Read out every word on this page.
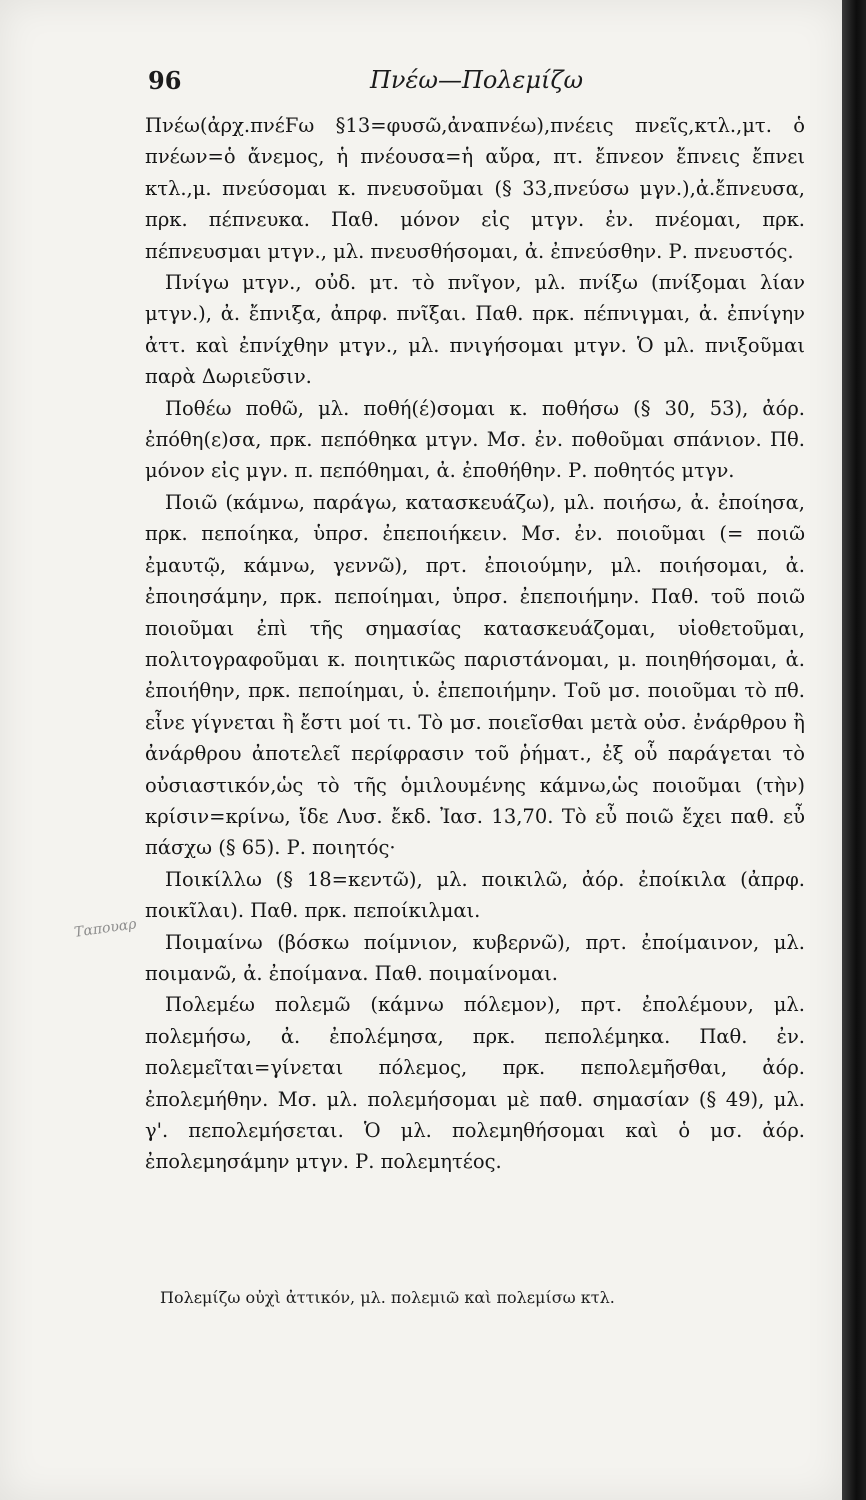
96	Πνέω—Πολεμίζω

Πνέω(ἀρχ.πνέϜω §13=φυσῶ,ἀναπνέω),πνέεις πνεῖς,κτλ.,μτ. ὁ πνέων=ὁ ἄνεμος, ἡ πνέουσα=ἡ αὔρα, πτ. ἔπνεον ἔπνεις ἔπνει κτλ.,μ. πνεύσομαι κ. πνευσοῦμαι (§ 33,πνεύσω μγν.),ἀ.ἔπνευσα, πρκ. πέπνευκα. Παθ. μόνον εἰς μτγν. ἐν. πνέομαι, πρκ. πέπνευσμαι μτγν., μλ. πνευσθήσομαι, ἀ. ἐπνεύσθην. Ρ. πνευστός.

Πνίγω μτγν., οὐδ. μτ. τὸ πνῖγον, μλ. πνίξω (πνίξομαι λίαν μτγν.), ἀ. ἔπνιξα, ἀπρφ. πνῖξαι. Παθ. πρκ. πέπνιγμαι, ἀ. ἐπνίγην ἀττ. καὶ ἐπνίχθην μτγν., μλ. πνιγήσομαι μτγν. Ὁ μλ. πνιξοῦμαι παρὰ Δωριεῦσιν.

Ποθέω ποθῶ, μλ. ποθή(έ)σομαι κ. ποθήσω (§ 30, 53), ἀόρ. ἐπόθη(ε)σα, πρκ. πεπόθηκα μτγν. Μσ. ἐν. ποθοῦμαι σπάνιον. Πθ. μόνον εἰς μγν. π. πεπόθημαι, ἀ. ἐποθήθην. Ρ. ποθητός μτγν.

Ποιῶ (κάμνω, παράγω, κατασκευάζω), μλ. ποιήσω, ἀ. ἐποίησα, πρκ. πεποίηκα, ὑπρσ. ἐπεποιήκειν. Μσ. ἐν. ποιοῦμαι (= ποιῶ ἐμαυτῷ, κάμνω, γεννῶ), πρτ. ἐποιούμην, μλ. ποιήσομαι, ἀ. ἐποιησάμην, πρκ. πεποίημαι, ὑπρσ. ἐπεποιήμην. Παθ. τοῦ ποιῶ ποιοῦμαι ἐπὶ τῆς σημασίας κατασκευάζομαι, υἱοθετοῦμαι, πολιτογραφοῦμαι κ. ποιητικῶς παριστάνομαι, μ. ποιηθήσομαι, ἀ. ἐποιήθην, πρκ. πεποίημαι, ὑ. ἐπεποιήμην. Τοῦ μσ. ποιοῦμαι τὸ πθ. εἶνε γίγνεται ἢ ἔστι μοί τι. Τὸ μσ. ποιεῖσθαι μετὰ οὐσ. ἐνάρθρου ἢ ἀνάρθρου ἀποτελεῖ περίφρασιν τοῦ ῥήματ., ἐξ οὗ παράγεται τὸ οὐσιαστικόν,ὡς τὸ τῆς ὁμιλουμένης κάμνω,ὡς ποιοῦμαι (τὴν) κρίσιν=κρίνω, ἴδε Λυσ. ἔκδ. Ἰασ. 13,70. Τὸ εὖ ποιῶ ἔχει παθ. εὖ πάσχω (§ 65). Ρ. ποιητός·

Ποικίλλω (§ 18=κεντῶ), μλ. ποικιλῶ, ἀόρ. ἐποίκιλα (ἀπρφ. ποικῖλαι). Παθ. πρκ. πεποίκιλμαι.

Ποιμαίνω (βόσκω ποίμνιον, κυβερνῶ), πρτ. ἐποίμαινον, μλ. ποιμανῶ, ἀ. ἐποίμανα. Παθ. ποιμαίνομαι.

Πολεμέω πολεμῶ (κάμνω πόλεμον), πρτ. ἐπολέμουν, μλ. πολεμήσω, ἀ. ἐπολέμησα, πρκ. πεπολέμηκα. Παθ. ἐν. πολεμεῖται=γίνεται πόλεμος, πρκ. πεπολεμῆσθαι, ἀόρ. ἐπολεμήθην. Μσ. μλ. πολεμήσομαι μὲ παθ. σημασίαν (§ 49), μλ. γ'. πεπολεμήσεται. Ὁ μλ. πολεμηθήσομαι καὶ ὁ μσ. ἀόρ. ἐπολεμησάμην μτγν. Ρ. πολεμητέος.

Πολεμίζω οὐχὶ ἀττικόν, μλ. πολεμιῶ καὶ πολεμίσω κτλ.
Ταπουαρ
